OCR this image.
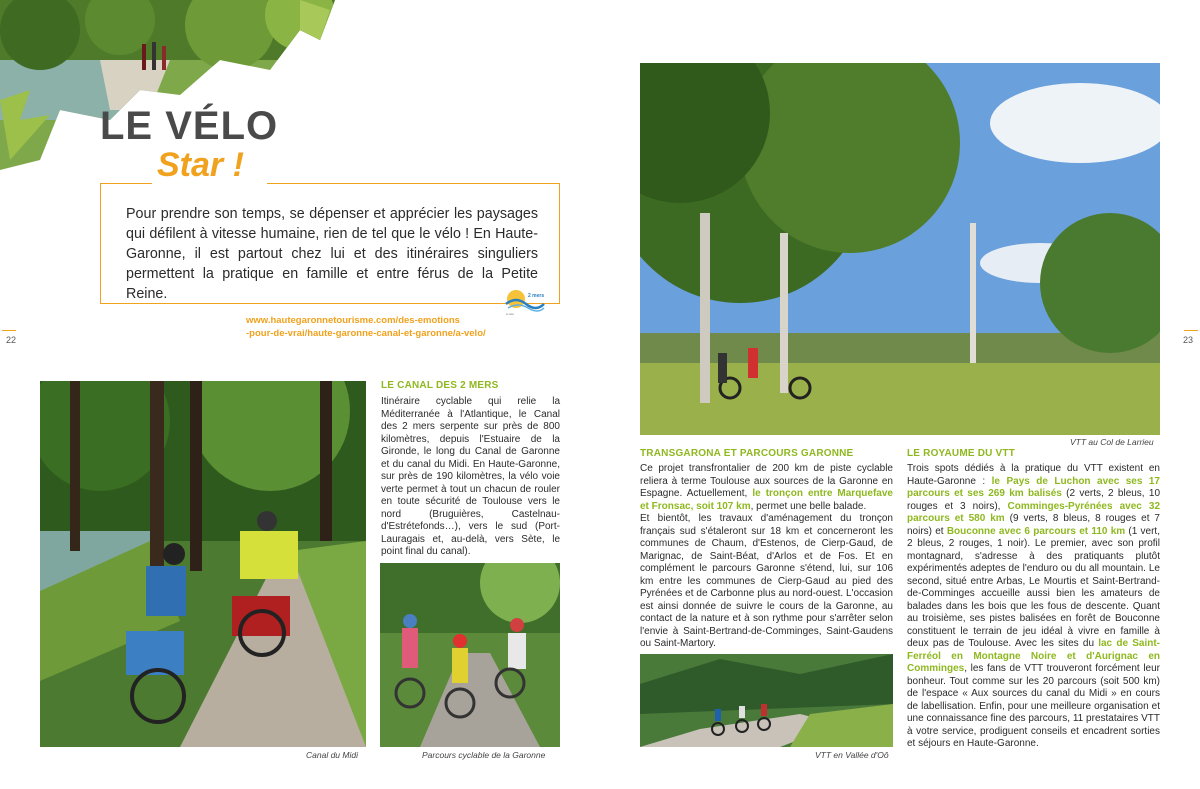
LE VÉLO
Star !
Pour prendre son temps, se dépenser et apprécier les paysages qui défilent à vitesse humaine, rien de tel que le vélo ! En Haute-Garonne, il est partout chez lui et des itinéraires singuliers permettent la pratique en famille et entre férus de la Petite Reine.	2 mers
à vélo
www.hautegaronnetourisme.com/des-emotions
-pour-de-vrai/haute-garonne-canal-et-garonne/a-velo/
22	23
Canal du Midi
LE CANAL DES 2 MERS
Itinéraire cyclable qui relie la Méditerranée à l'Atlantique, le Canal des 2 mers serpente sur près de 800 kilomètres, depuis l'Estuaire de la Gironde, le long du Canal de Garonne et du canal du Midi. En Haute-Garonne, sur près de 190 kilomètres, la vélo voie verte permet à tout un chacun de rouler en toute sécurité de Toulouse vers le nord (Bruguières, Castelnau-d'Estrétefonds…), vers le sud (Port-Lauragais et, au-delà, vers Sète, le point final du canal).
Parcours cyclable de la Garonne
VTT au Col de Larrieu
TRANSGARONA ET PARCOURS GARONNE
Ce projet transfrontalier de 200 km de piste cyclable reliera à terme Toulouse aux sources de la Garonne en Espagne. Actuellement, le tronçon entre Marquefave et Fronsac, soit 107 km, permet une belle balade.
Et bientôt, les travaux d'aménagement du tronçon français sud s'étaleront sur 18 km et concerneront les communes de Chaum, d'Estenos, de Cierp-Gaud, de Marignac, de Saint-Béat, d'Arlos et de Fos. Et en complément le parcours Garonne s'étend, lui, sur 106 km entre les communes de Cierp-Gaud au pied des Pyrénées et de Carbonne plus au nord-ouest. L'occasion est ainsi donnée de suivre le cours de la Garonne, au contact de la nature et à son rythme pour s'arrêter selon l'envie à Saint-Bertrand-de-Comminges, Saint-Gaudens ou Saint-Martory.
VTT en Vallée d'Oô
LE ROYAUME DU VTT
Trois spots dédiés à la pratique du VTT existent en Haute-Garonne : le Pays de Luchon avec ses 17 parcours et ses 269 km balisés (2 verts, 2 bleus, 10 rouges et 3 noirs), Comminges-Pyrénées avec 32 parcours et 580 km (9 verts, 8 bleus, 8 rouges et 7 noirs) et Bouconne avec 6 parcours et 110 km (1 vert, 2 bleus, 2 rouges, 1 noir). Le premier, avec son profil montagnard, s'adresse à des pratiquants plutôt expérimentés adeptes de l'enduro ou du all mountain. Le second, situé entre Arbas, Le Mourtis et Saint-Bertrand-de-Comminges accueille aussi bien les amateurs de balades dans les bois que les fous de descente. Quant au troisième, ses pistes balisées en forêt de Bouconne constituent le terrain de jeu idéal à vivre en famille à deux pas de Toulouse. Avec les sites du lac de Saint-Ferréol en Montagne Noire et d'Aurignac en Comminges, les fans de VTT trouveront forcément leur bonheur. Tout comme sur les 20 parcours (soit 500 km) de l'espace « Aux sources du canal du Midi » en cours de labellisation. Enfin, pour une meilleure organisation et une connaissance fine des parcours, 11 prestataires VTT à votre service, prodiguent conseils et encadrent sorties et séjours en Haute-Garonne.
